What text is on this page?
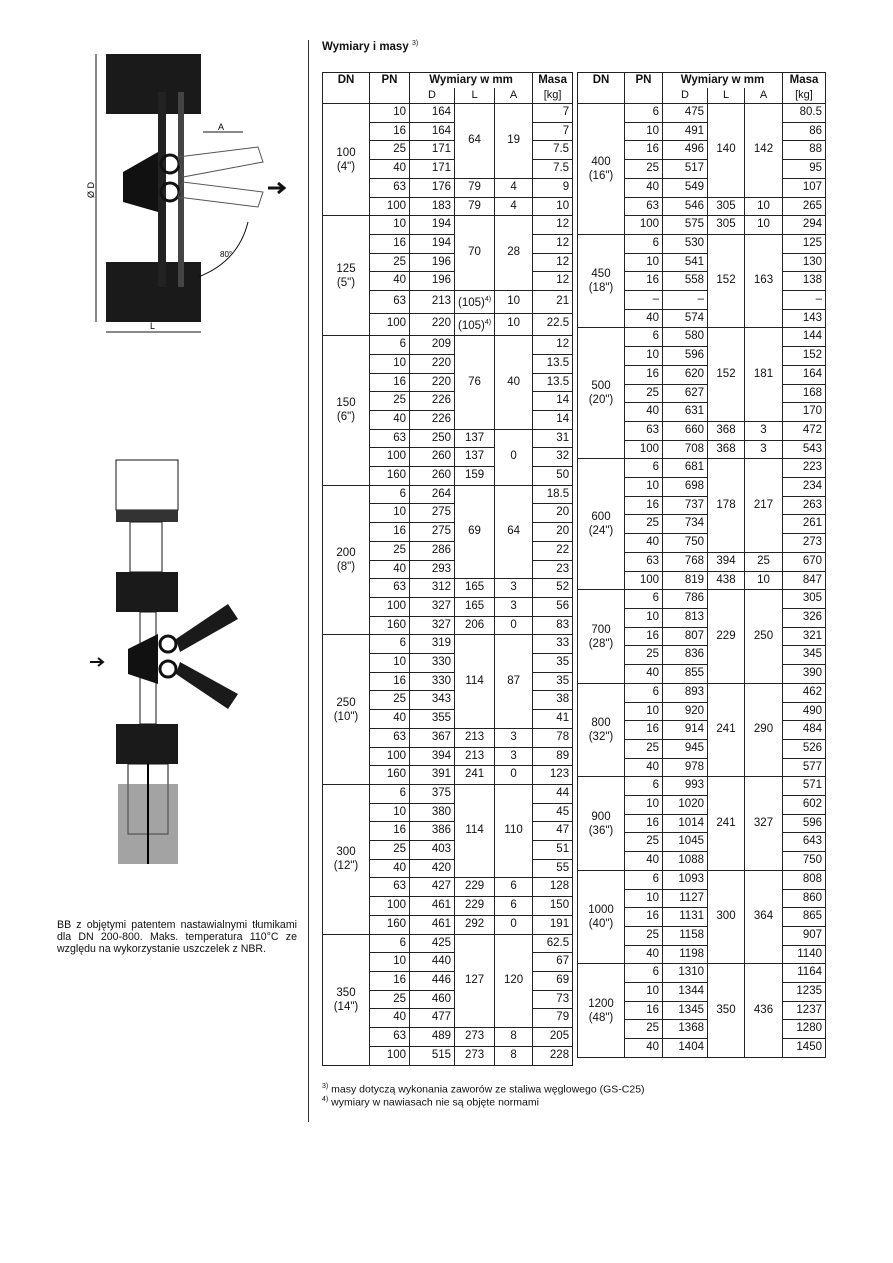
A
Ø D
L
80°
BB z objętymi patentem nastawialnymi tłumikami dla DN 200-800. Maks. temperatura 110°C ze względu na wykorzystanie uszczelek z NBR.
Wymiary i masy $^{3)}$
DN	PN	Wymiary w mm			Masa
		D	L	A	[kg]

100
(4")	10	164	64	19	7
	16	164			7
	25	171			7.5
	40	171			7.5
	63	176	79	4	9
	100	183	79	4	10

125
(5")	10	194	70	28	12
	16	194			12
	25	196			12
	40	196			12
	63	213	$(105)^{4)}$	10	21
	100	220	$(105)^{4)}$	10	22.5

150
(6")	6	209	76	40	12
	10	220			13.5
	16	220			13.5
	25	226			14
	40	226			14
	63	250	137	0	31
	100	260	137		32
	160	260	159		50

200
(8")	6	264	69	64	18.5
	10	275			20
	16	275			20
	25	286			22
	40	293			23
	63	312	165	3	52
	100	327	165	3	56
	160	327	206	0	83

250
(10")	6	319	114	87	33
	10	330			35
	16	330			35
	25	343			38
	40	355			41
	63	367	213	3	78
	100	394	213	3	89
	160	391	241	0	123

300
(12")	6	375	114	110	44
	10	380			45
	16	386			47
	25	403			51
	40	420			55
	63	427	229	6	128
	100	461	229	6	150
	160	461	292	0	191

350
(14")	6	425	127	120	62.5
	10	440			67
	16	446			69
	25	460			73
	40	477			79
	63	489	273	8	205
	100	515	273	8	228
DN	PN	Wymiary w mm			Masa
		D	L	A	[kg]

400
(16")	6	475	140	142	80.5
	10	491			86
	16	496			88
	25	517			95
	40	549			107
	63	546	305	10	265
	100	575	305	10	294

450
(18")	6	530	152	163	125
	10	541			130
	16	558			138
	–	–			–
	40	574			143

500
(20")	6	580	152	181	144
	10	596			152
	16	620			164
	25	627			168
	40	631			170
	63	660	368	3	472
	100	708	368	3	543

600
(24")	6	681	178	217	223
	10	698			234
	16	737			263
	25	734			261
	40	750			273
	63	768	394	25	670
	100	819	438	10	847

700
(28")	6	786	229	250	305
	10	813			326
	16	807			321
	25	836			345
	40	855			390

800
(32")	6	893	241	290	462
	10	920			490
	16	914			484
	25	945			526
	40	978			577

900
(36")	6	993	241	327	571
	10	1020			602
	16	1014			596
	25	1045			643
	40	1088			750

1000
(40")	6	1093	300	364	808
	10	1127			860
	16	1131			865
	25	1158			907
	40	1198			1140

1200
(48")	6	1310	350	436	1164
	10	1344			1235
	16	1345			1237
	25	1368			1280
	40	1404			1450
$^{3)}$ masy dotyczą wykonania zaworów ze staliwa węglowego (GS-C25)
$^{4)}$ wymiary w nawiasach nie są objęte normami
